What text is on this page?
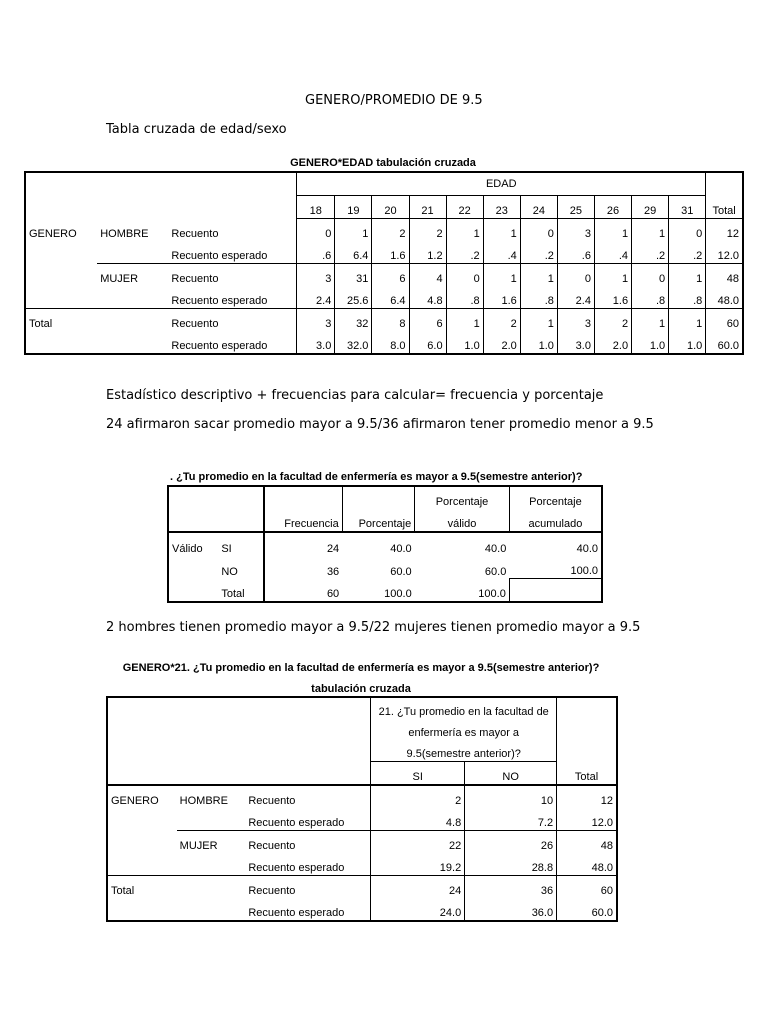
GENERO/PROMEDIO DE 9.5
Tabla cruzada de edad/sexo
GENERO*EDAD tabulación cruzada
			EDAD											
			18	19	20	21	22	23	24	25	26	29	31	Total
GENERO	HOMBRE	Recuento	0	1	2	2	1	1	0	3	1	1	0	12
		Recuento esperado	.6	6.4	1.6	1.2	.2	.4	.2	.6	.4	.2	.2	12.0
	MUJER	Recuento	3	31	6	4	0	1	1	0	1	0	1	48
		Recuento esperado	2.4	25.6	6.4	4.8	.8	1.6	.8	2.4	1.6	.8	.8	48.0
Total		Recuento	3	32	8	6	1	2	1	3	2	1	1	60
		Recuento esperado	3.0	32.0	8.0	6.0	1.0	2.0	1.0	3.0	2.0	1.0	1.0	60.0
Estadístico descriptivo + frecuencias para calcular= frecuencia y porcentaje
24 afirmaron sacar promedio mayor a 9.5/36 afirmaron tener promedio menor a 9.5
. ¿Tu promedio en la facultad de enfermería es mayor a 9.5(semestre anterior)?

		Frecuencia	Porcentaje	Porcentaje	Porcentaje
				válido	acumulado
Válido	SI	24	40.0	40.0	40.0
	NO	36	60.0	60.0	100.0
	Total	60	100.0	100.0	
2 hombres tienen promedio mayor a 9.5/22 mujeres tienen promedio mayor a 9.5
GENERO*21. ¿Tu promedio en la facultad de enfermería es mayor a 9.5(semestre anterior)?
tabulación cruzada
			21. ¿Tu promedio en la facultad de		
			enfermería es mayor a		
			9.5(semestre anterior)?		
			SI	NO	Total
GENERO	HOMBRE	Recuento	2	10	12
		Recuento esperado	4.8	7.2	12.0
	MUJER	Recuento	22	26	48
		Recuento esperado	19.2	28.8	48.0
Total		Recuento	24	36	60
		Recuento esperado	24.0	36.0	60.0
